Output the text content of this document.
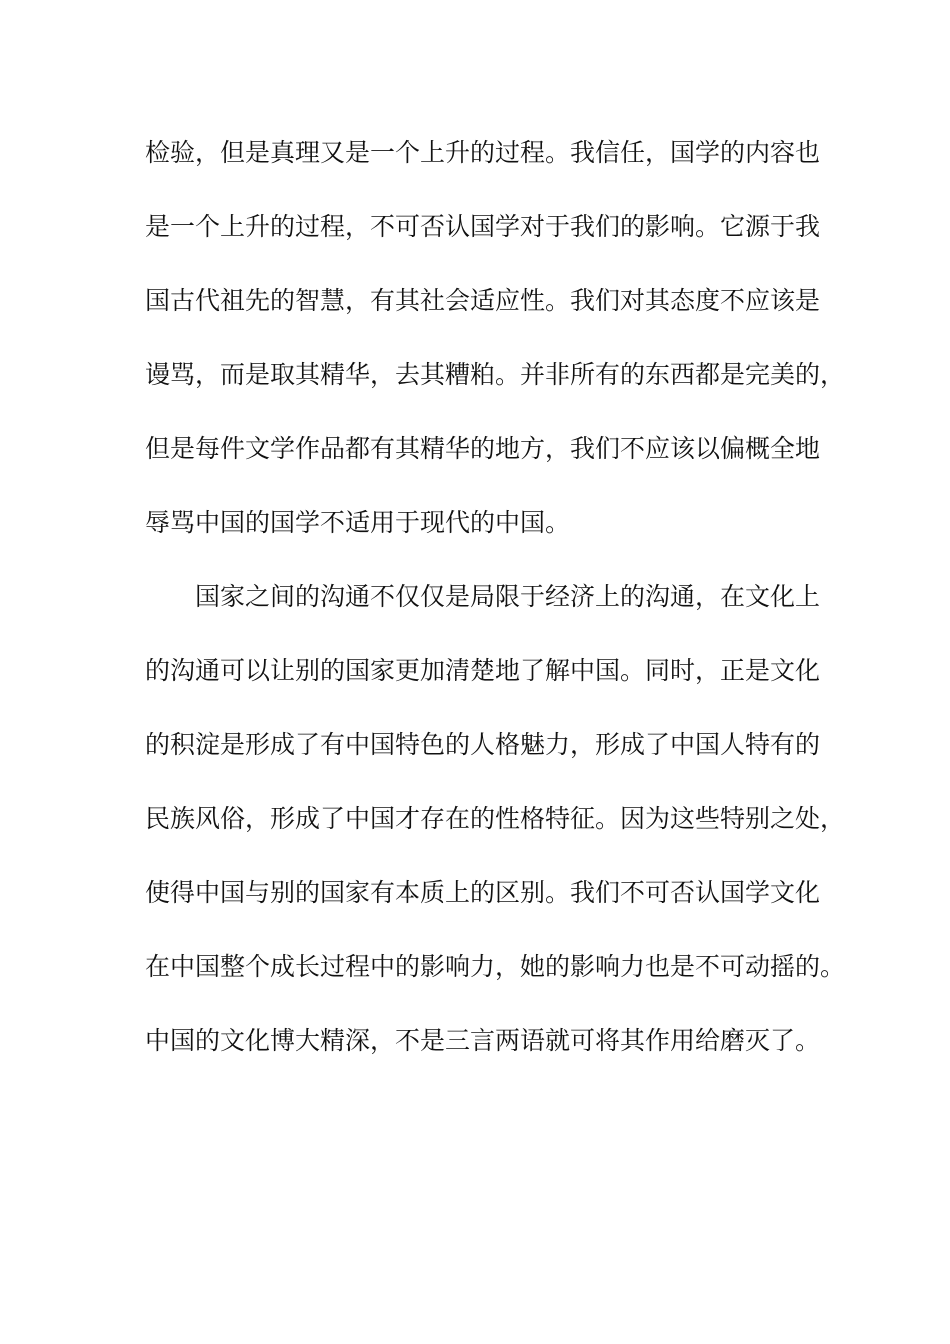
检验，但是真理又是一个上升的过程。我信任，国学的内容也
是一个上升的过程，不可否认国学对于我们的影响。它源于我
国古代祖先的智慧，有其社会适应性。我们对其态度不应该是
谩骂，而是取其精华，去其糟粕。并非所有的东西都是完美的，
但是每件文学作品都有其精华的地方，我们不应该以偏概全地
辱骂中国的国学不适用于现代的中国。
国家之间的沟通不仅仅是局限于经济上的沟通，在文化上
的沟通可以让别的国家更加清楚地了解中国。同时，正是文化
的积淀是形成了有中国特色的人格魅力，形成了中国人特有的
民族风俗，形成了中国才存在的性格特征。因为这些特别之处，
使得中国与别的国家有本质上的区别。我们不可否认国学文化
在中国整个成长过程中的影响力，她的影响力也是不可动摇的。
中国的文化博大精深，不是三言两语就可将其作用给磨灭了。
